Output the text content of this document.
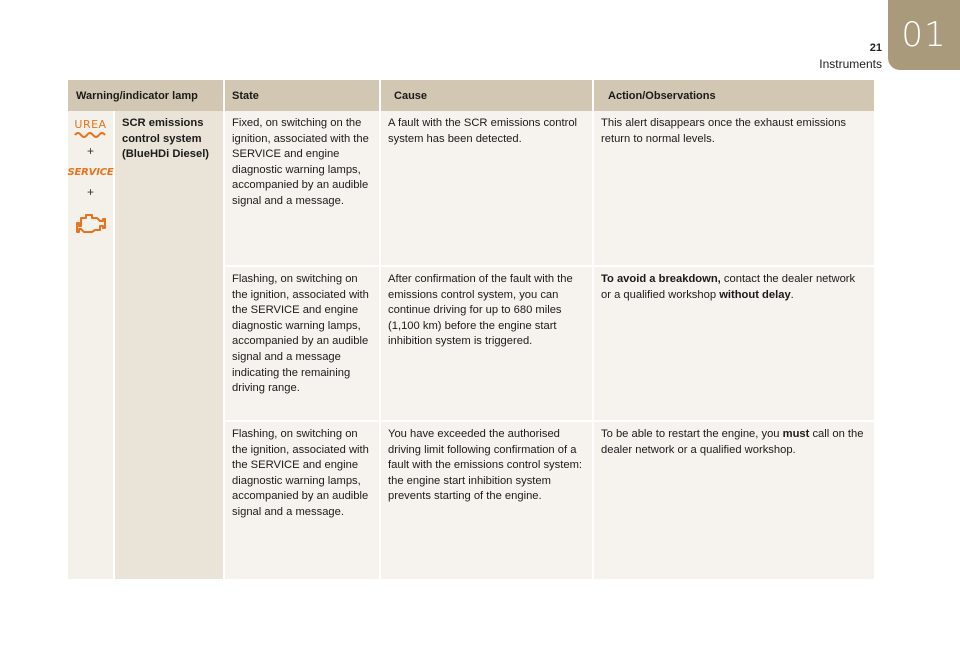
21
Instruments
01
Warning/indicator lamp		State	Cause	Action/Observations

UREA
+
SERVICE
+	SCR emissions control system (BlueHDi Diesel)	Fixed, on switching on the ignition, associated with the SERVICE and engine diagnostic warning lamps, accompanied by an audible signal and a message.	A fault with the SCR emissions control system has been detected.	This alert disappears once the exhaust emissions return to normal levels.
		Flashing, on switching on the ignition, associated with the SERVICE and engine diagnostic warning lamps, accompanied by an audible signal and a message indicating the remaining driving range.	After confirmation of the fault with the emissions control system, you can continue driving for up to 680 miles (1,100 km) before the engine start inhibition system is triggered.	To avoid a breakdown, contact the dealer network or a qualified workshop without delay.
		Flashing, on switching on the ignition, associated with the SERVICE and engine diagnostic warning lamps, accompanied by an audible signal and a message.	You have exceeded the authorised driving limit following confirmation of a fault with the emissions control system: the engine start inhibition system prevents starting of the engine.	To be able to restart the engine, you must call on the dealer network or a qualified workshop.
